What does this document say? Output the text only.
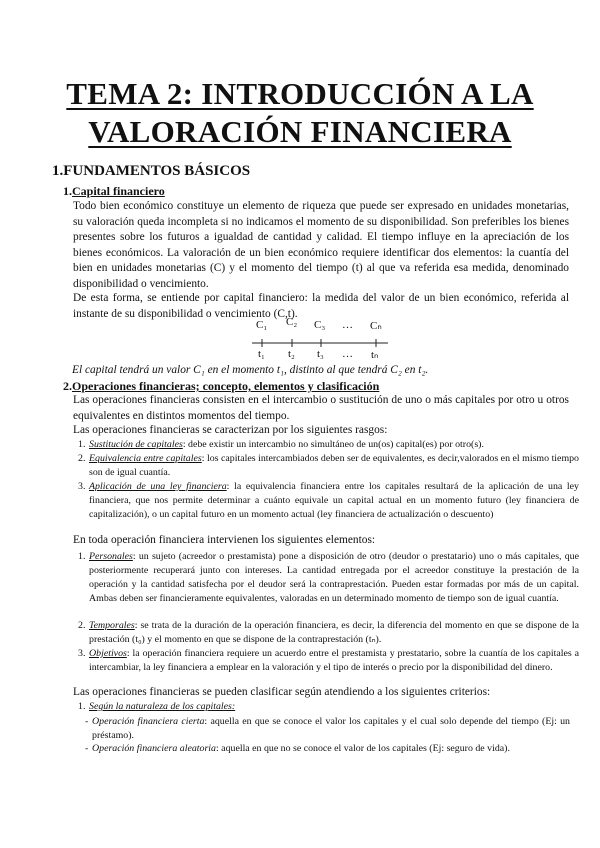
TEMA 2: INTRODUCCIÓN A LA
VALORACIÓN FINANCIERA
1.FUNDAMENTOS BÁSICOS
1.Capital financiero
Todo bien económico constituye un elemento de riqueza que puede ser expresado en unidades monetarias, su valoración queda incompleta si no indicamos el momento de su disponibilidad. Son preferibles los bienes presentes sobre los futuros a igualdad de cantidad y calidad. El tiempo influye en la apreciación de los bienes económicos. La valoración de un bien económico requiere identificar dos elementos: la cuantía del bien en unidades monetarias (C) y el momento del tiempo (t) al que va referida esa medida, denominado disponibilidad o vencimiento.
De esta forma, se entiende por capital financiero: la medida del valor de un bien económico, referida al instante de su disponibilidad o vencimiento (C,t).
C₁ C₂ C₃ … Cₙ
t₁ t₂ t₃ … tₙ
El capital tendrá un valor C₁ en el momento t₁, distinto al que tendrá C₂ en t₂.
2.Operaciones financieras; concepto, elementos y clasificación
Las operaciones financieras consisten en el intercambio o sustitución de uno o más capitales por otro u otros equivalentes en distintos momentos del tiempo.
Las operaciones financieras se caracterizan por los siguientes rasgos:
1. Sustitución de capitales: debe existir un intercambio no simultáneo de un(os) capital(es) por otro(s).
2. Equivalencia entre capitales: los capitales intercambiados deben ser de equivalentes, es decir,valorados en el mismo tiempo son de igual cuantía.
3. Aplicación de una ley financiera: la equivalencia financiera entre los capitales resultará de la aplicación de una ley financiera, que nos permite determinar a cuánto equivale un capital actual en un momento futuro (ley financiera de capitalización), o un capital futuro en un momento actual (ley financiera de actualización o descuento)
En toda operación financiera intervienen los siguientes elementos:
1. Personales: un sujeto (acreedor o prestamista) pone a disposición de otro (deudor o prestatario) uno o más capitales, que posteriormente recuperará junto con intereses. La cantidad entregada por el acreedor constituye la prestación de la operación y la cantidad satisfecha por el deudor será la contraprestación. Pueden estar formadas por más de un capital. Ambas deben ser financieramente equivalentes, valoradas en un determinado momento de tiempo son de igual cuantía.
2. Temporales: se trata de la duración de la operación financiera, es decir, la diferencia del momento en que se dispone de la prestación (t₀) y el momento en que se dispone de la contraprestación (tₙ).
3. Objetivos: la operación financiera requiere un acuerdo entre el prestamista y prestatario, sobre la cuantía de los capitales a intercambiar, la ley financiera a emplear en la valoración y el tipo de interés o precio por la disponibilidad del dinero.
Las operaciones financieras se pueden clasificar según atendiendo a los siguientes criterios:
1. Según la naturaleza de los capitales:
- Operación financiera cierta: aquella en que se conoce el valor los capitales y el cual solo depende del tiempo (Ej: un préstamo).
- Operación financiera aleatoria: aquella en que no se conoce el valor de los capitales (Ej: seguro de vida).
